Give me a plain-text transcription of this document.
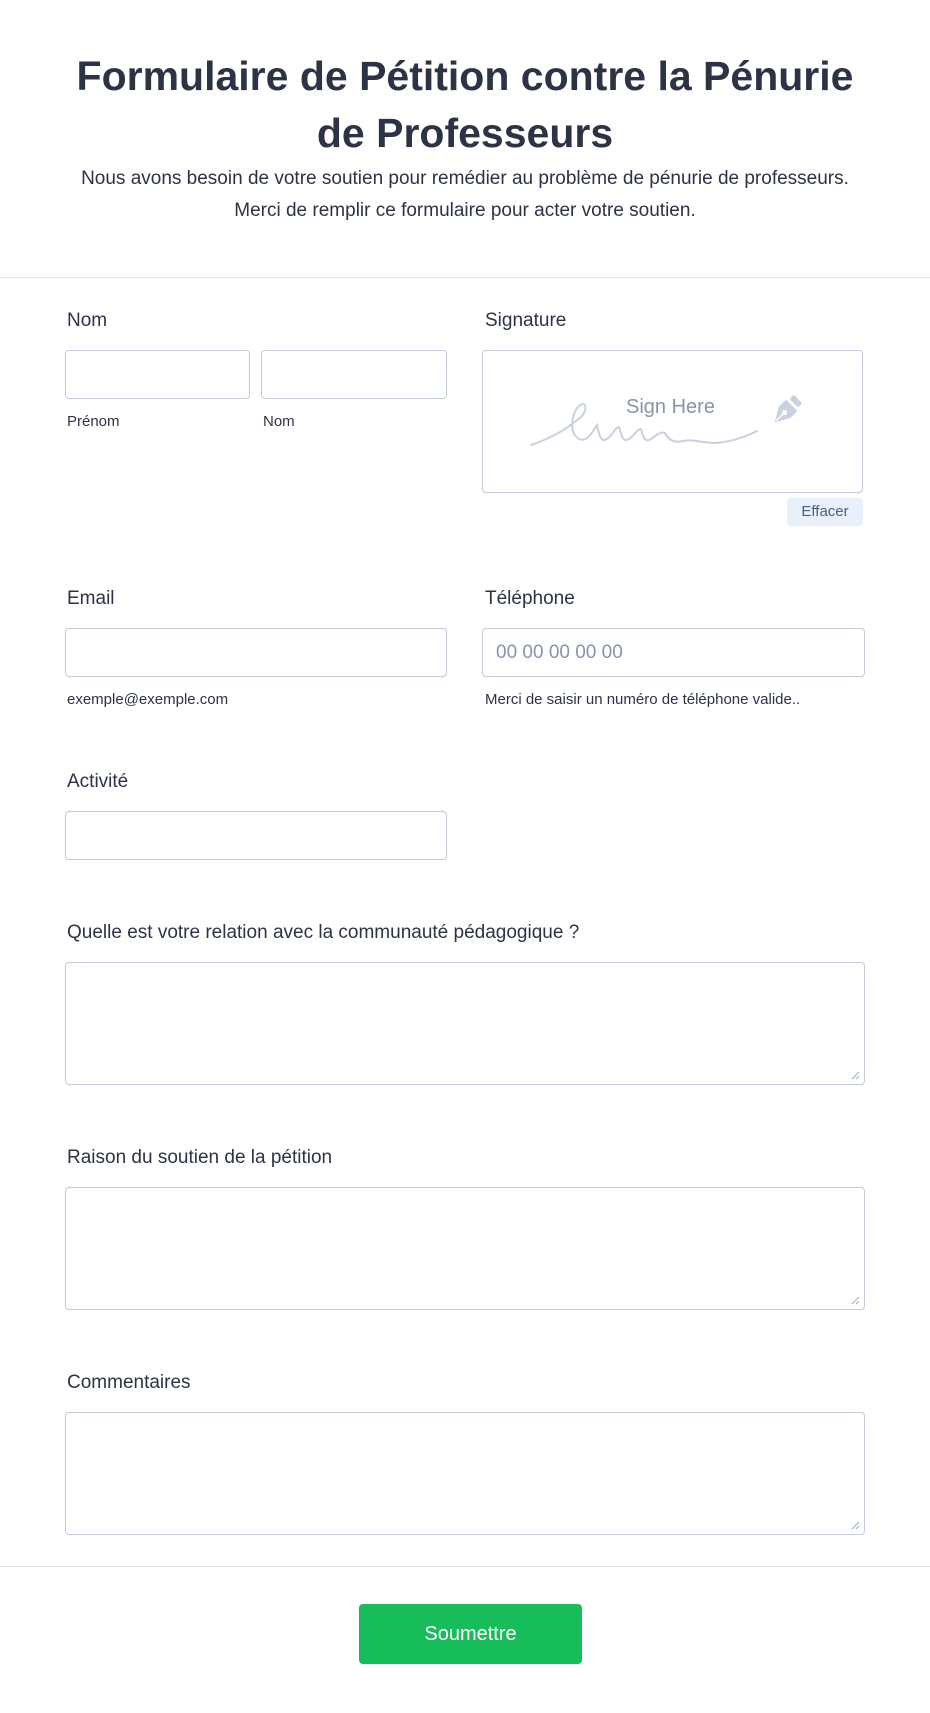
Formulaire de Pétition contre la Pénurie de Professeurs

Nous avons besoin de votre soutien pour remédier au problème de pénurie de professeurs. Merci de remplir ce formulaire pour acter votre soutien.

Nom
Prénom	Nom
Signature
Sign Here
Effacer
Email
exemple@exemple.com
Téléphone
00 00 00 00 00
Merci de saisir un numéro de téléphone valide..
Activité
Quelle est votre relation avec la communauté pédagogique ?
Raison du soutien de la pétition
Commentaires
Soumettre
